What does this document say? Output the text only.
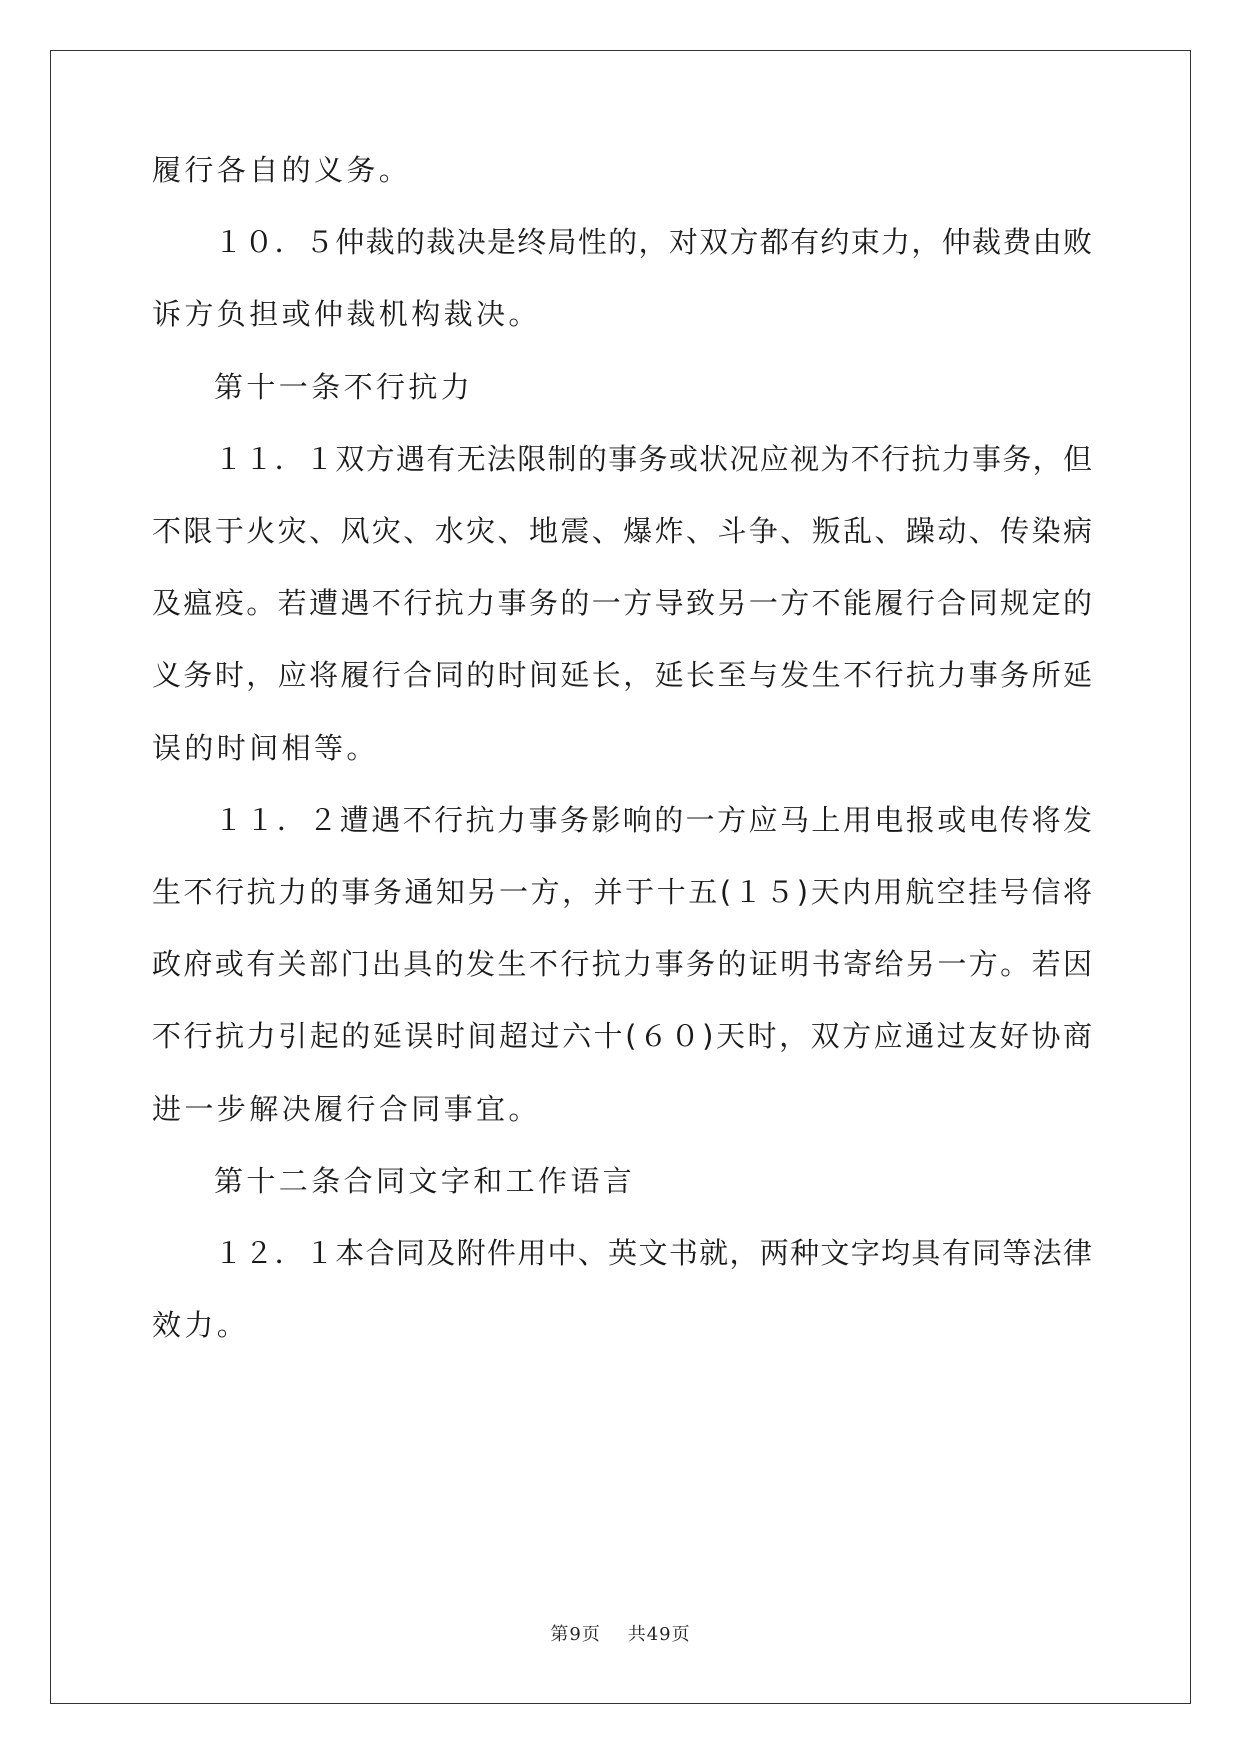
履行各自的义务。
１０．５仲裁的裁决是终局性的，对双方都有约束力，仲裁费由败
诉方负担或仲裁机构裁决。
第十一条不行抗力
１１．１双方遇有无法限制的事务或状况应视为不行抗力事务，但
不限于火灾、风灾、水灾、地震、爆炸、斗争、叛乱、躁动、传染病
及瘟疫。若遭遇不行抗力事务的一方导致另一方不能履行合同规定的
义务时，应将履行合同的时间延长，延长至与发生不行抗力事务所延
误的时间相等。
１１．２遭遇不行抗力事务影响的一方应马上用电报或电传将发
生不行抗力的事务通知另一方，并于十五(１５)天内用航空挂号信将
政府或有关部门出具的发生不行抗力事务的证明书寄给另一方。若因
不行抗力引起的延误时间超过六十(６０)天时，双方应通过友好协商
进一步解决履行合同事宜。
第十二条合同文字和工作语言
１２．１本合同及附件用中、英文书就，两种文字均具有同等法律
效力。
第9页 共49页
